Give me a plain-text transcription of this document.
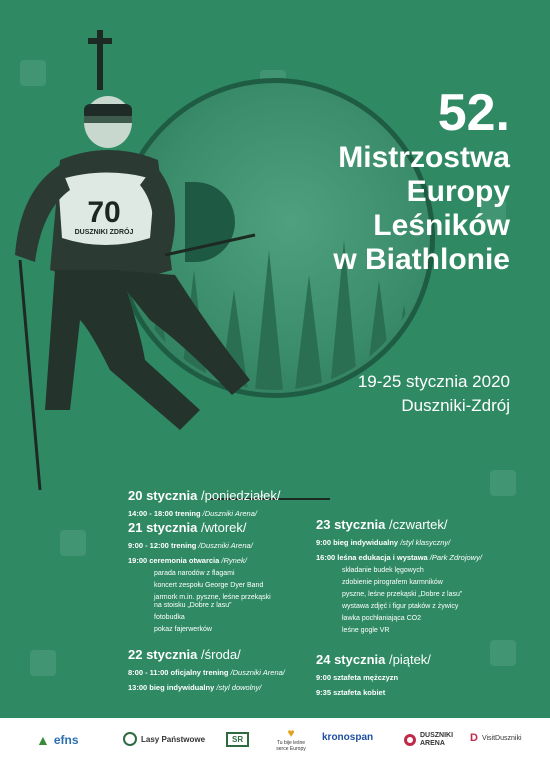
70
DUSZNIKI ZDRÓJ
52.
Mistrzostwa
Europy
Leśników
w Biathlonie
19-25 stycznia 2020
Duszniki-Zdrój
20 stycznia /poniedziałek/
14:00 - 18:00 trening /Duszniki Arena/
21 stycznia /wtorek/
9:00 - 12:00 trening /Duszniki Arena/
19:00 ceremonia otwarcia /Rynek/
parada narodów z flagami
koncert zespołu George Dyer Band
jarmork m.in. pyszne, leśne przekąski
na stoisku „Dobre z lasu”
fotobudka
pokaz fajerwerków
22 stycznia /środa/
8:00 - 11:00 oficjalny trening /Duszniki Arena/
13:00 bieg indywidualny /styl dowolny/
23 stycznia /czwartek/
9:00 bieg indywidualny /styl klasyczny/
16:00 leśna edukacja i wystawa /Park Zdrojowy/
składanie budek lęgowych
zdobienie pirografem karmników
pyszne, leśne przekąski „Dobre z lasu”
wystawa zdjęć i figur ptaków z żywicy
ławka pochłaniająca CO2
leśne gogle VR
24 stycznia /piątek/
9:00 sztafeta mężczyzn
9:35 sztafeta kobiet
▲ efns	Lasy Państwowe	SR	♥
Tu bije leśne serce Europy
kronospan	DUSZNIKI ARENA	D VisitDuszniki
